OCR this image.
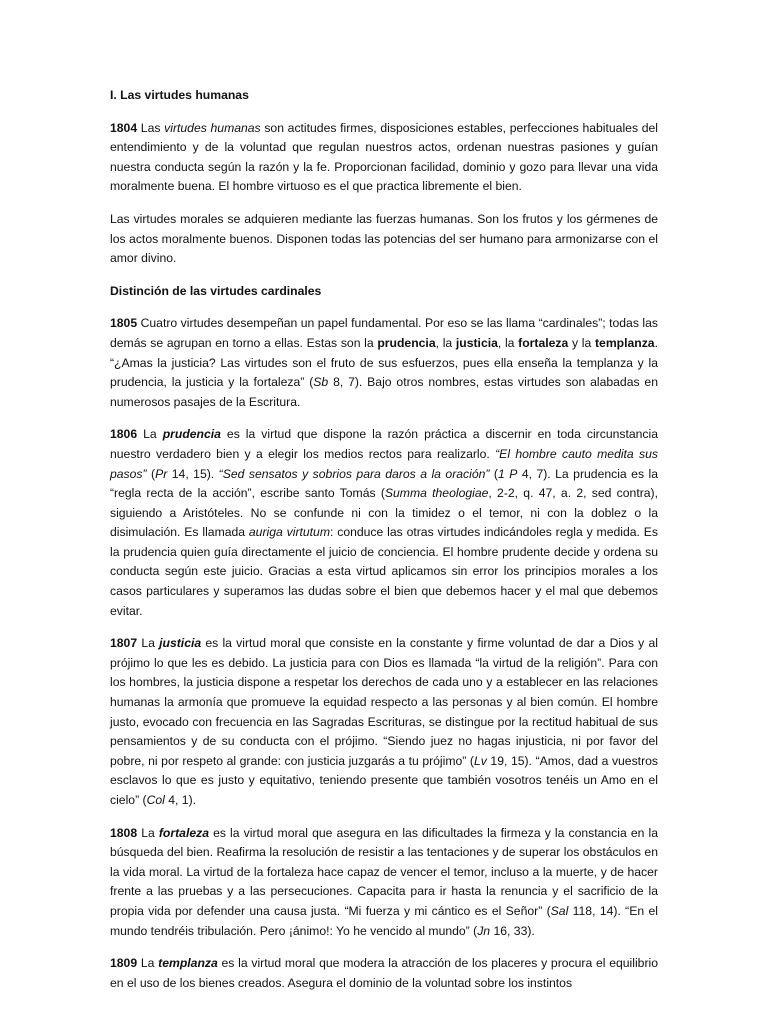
I. Las virtudes humanas

1804 Las virtudes humanas son actitudes firmes, disposiciones estables, perfecciones habituales del entendimiento y de la voluntad que regulan nuestros actos, ordenan nuestras pasiones y guían nuestra conducta según la razón y la fe. Proporcionan facilidad, dominio y gozo para llevar una vida moralmente buena. El hombre virtuoso es el que practica libremente el bien.

Las virtudes morales se adquieren mediante las fuerzas humanas. Son los frutos y los gérmenes de los actos moralmente buenos. Disponen todas las potencias del ser humano para armonizarse con el amor divino.

Distinción de las virtudes cardinales

1805 Cuatro virtudes desempeñan un papel fundamental. Por eso se las llama “cardinales”; todas las demás se agrupan en torno a ellas. Estas son la prudencia, la justicia, la fortaleza y la templanza. “¿Amas la justicia? Las virtudes son el fruto de sus esfuerzos, pues ella enseña la templanza y la prudencia, la justicia y la fortaleza” (Sb 8, 7). Bajo otros nombres, estas virtudes son alabadas en numerosos pasajes de la Escritura.

1806 La prudencia es la virtud que dispone la razón práctica a discernir en toda circunstancia nuestro verdadero bien y a elegir los medios rectos para realizarlo. “El hombre cauto medita sus pasos” (Pr 14, 15). “Sed sensatos y sobrios para daros a la oración” (1 P 4, 7). La prudencia es la “regla recta de la acción”, escribe santo Tomás (Summa theologiae, 2-2, q. 47, a. 2, sed contra), siguiendo a Aristóteles. No se confunde ni con la timidez o el temor, ni con la doblez o la disimulación. Es llamada auriga virtutum: conduce las otras virtudes indicándoles regla y medida. Es la prudencia quien guía directamente el juicio de conciencia. El hombre prudente decide y ordena su conducta según este juicio. Gracias a esta virtud aplicamos sin error los principios morales a los casos particulares y superamos las dudas sobre el bien que debemos hacer y el mal que debemos evitar.

1807 La justicia es la virtud moral que consiste en la constante y firme voluntad de dar a Dios y al prójimo lo que les es debido. La justicia para con Dios es llamada “la virtud de la religión”. Para con los hombres, la justicia dispone a respetar los derechos de cada uno y a establecer en las relaciones humanas la armonía que promueve la equidad respecto a las personas y al bien común. El hombre justo, evocado con frecuencia en las Sagradas Escrituras, se distingue por la rectitud habitual de sus pensamientos y de su conducta con el prójimo. “Siendo juez no hagas injusticia, ni por favor del pobre, ni por respeto al grande: con justicia juzgarás a tu prójimo” (Lv 19, 15). “Amos, dad a vuestros esclavos lo que es justo y equitativo, teniendo presente que también vosotros tenéis un Amo en el cielo” (Col 4, 1).

1808 La fortaleza es la virtud moral que asegura en las dificultades la firmeza y la constancia en la búsqueda del bien. Reafirma la resolución de resistir a las tentaciones y de superar los obstáculos en la vida moral. La virtud de la fortaleza hace capaz de vencer el temor, incluso a la muerte, y de hacer frente a las pruebas y a las persecuciones. Capacita para ir hasta la renuncia y el sacrificio de la propia vida por defender una causa justa. “Mi fuerza y mi cántico es el Señor” (Sal 118, 14). “En el mundo tendréis tribulación. Pero ¡ánimo!: Yo he vencido al mundo” (Jn 16, 33).

1809 La templanza es la virtud moral que modera la atracción de los placeres y procura el equilibrio en el uso de los bienes creados. Asegura el dominio de la voluntad sobre los instintos
